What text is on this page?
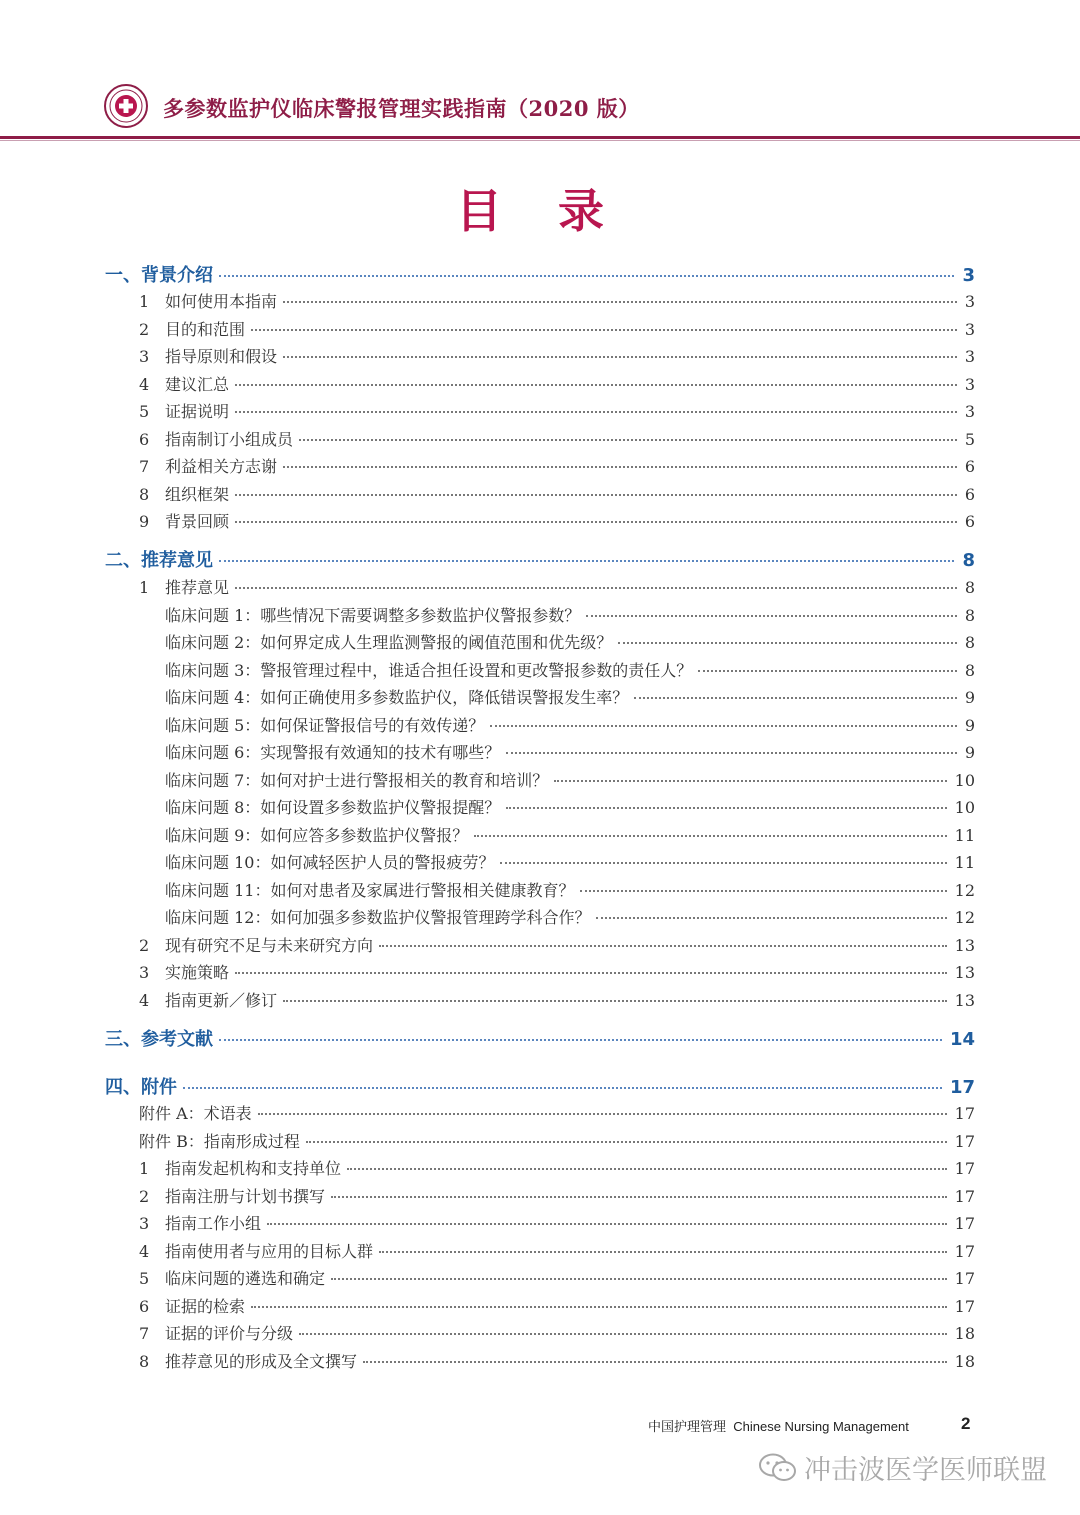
多参数监护仪临床警报管理实践指南（2020 版）
目 录
一、背景介绍	3
1 如何使用本指南	3
2 目的和范围	3
3 指导原则和假设	3
4 建议汇总	3
5 证据说明	3
6 指南制订小组成员	5
7 利益相关方志谢	6
8 组织框架	6
9 背景回顾	6
二、推荐意见	8
1 推荐意见	8
临床问题 1：哪些情况下需要调整多参数监护仪警报参数？	8
临床问题 2：如何界定成人生理监测警报的阈值范围和优先级？	8
临床问题 3：警报管理过程中，谁适合担任设置和更改警报参数的责任人？	8
临床问题 4：如何正确使用多参数监护仪，降低错误警报发生率？	9
临床问题 5：如何保证警报信号的有效传递？	9
临床问题 6：实现警报有效通知的技术有哪些？	9
临床问题 7：如何对护士进行警报相关的教育和培训？	10
临床问题 8：如何设置多参数监护仪警报提醒？	10
临床问题 9：如何应答多参数监护仪警报？	11
临床问题 10：如何减轻医护人员的警报疲劳？	11
临床问题 11：如何对患者及家属进行警报相关健康教育？	12
临床问题 12：如何加强多参数监护仪警报管理跨学科合作？	12
2 现有研究不足与未来研究方向	13
3 实施策略	13
4 指南更新／修订	13
三、参考文献	14
四、附件	17
附件 A：术语表	17
附件 B：指南形成过程	17
1 指南发起机构和支持单位	17
2 指南注册与计划书撰写	17
3 指南工作小组	17
4 指南使用者与应用的目标人群	17
5 临床问题的遴选和确定	17
6 证据的检索	17
7 证据的评价与分级	18
8 推荐意见的形成及全文撰写	18
中国护理管理 Chinese Nursing Management	2
冲击波医学医师联盟
